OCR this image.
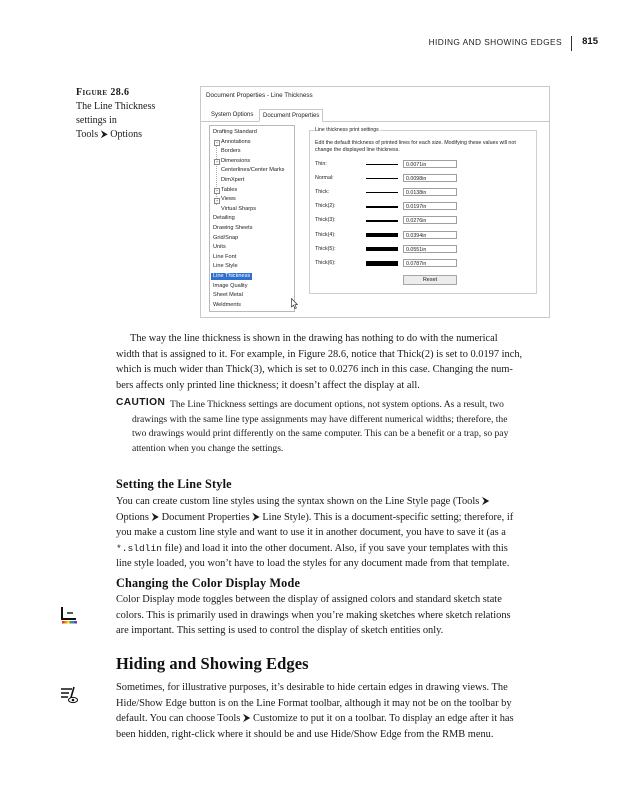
HIDING AND SHOWING EDGES 815
Figure 28.6
The Line Thickness
settings in
Tools ⮞ Options
Document Properties - Line Thickness
System Options	Document Properties
Drafting Standard
+ Annotations
Borders
+ Dimensions
Centerlines/Center Marks
DimXpert
+ Tables
+ Views
Virtual Sharps
Detailing
Drawing Sheets
Grid/Snap
Units
Line Font
Line Style
Line Thickness
Image Quality
Sheet Metal
Weldments
Line thickness print settings
Edit the default thickness of printed lines for each size. Modifying these values will not change the displayed line thickness.
Thin:	0.0071in
Normal:	0.0098in
Thick:	0.0138in
Thick(2):	0.0197in
Thick(3):	0.0276in
Thick(4):	0.0394in
Thick(5):	0.0551in
Thick(6):	0.0787in
Reset
The way the line thickness is shown in the drawing has nothing to do with the numerical
width that is assigned to it. For example, in Figure 28.6, notice that Thick(2) is set to 0.0197 inch,
which is much wider than Thick(3), which is set to 0.0276 inch in this case. Changing the num-
bers affects only printed line thickness; it doesn’t affect the display at all.
CAUTION The Line Thickness settings are document options, not system options. As a result, two
drawings with the same line type assignments may have different numerical widths; therefore, the
two drawings would print differently on the same computer. This can be a benefit or a trap, so pay
attention when you change the settings.
Setting the Line Style
You can create custom line styles using the syntax shown on the Line Style page (Tools ⮞
Options ⮞ Document Properties ⮞ Line Style). This is a document-specific setting; therefore, if
you make a custom line style and want to use it in another document, you have to save it (as a
*.sldlin file) and load it into the other document. Also, if you save your templates with this
line style loaded, you won’t have to load the styles for any document made from that template.
Changing the Color Display Mode
Color Display mode toggles between the display of assigned colors and standard sketch state
colors. This is primarily used in drawings when you’re making sketches where sketch relations
are important. This setting is used to control the display of sketch entities only.
Hiding and Showing Edges
Sometimes, for illustrative purposes, it’s desirable to hide certain edges in drawing views. The
Hide/Show Edge button is on the Line Format toolbar, although it may not be on the toolbar by
default. You can choose Tools ⮞ Customize to put it on a toolbar. To display an edge after it has
been hidden, right-click where it should be and use Hide/Show Edge from the RMB menu.
